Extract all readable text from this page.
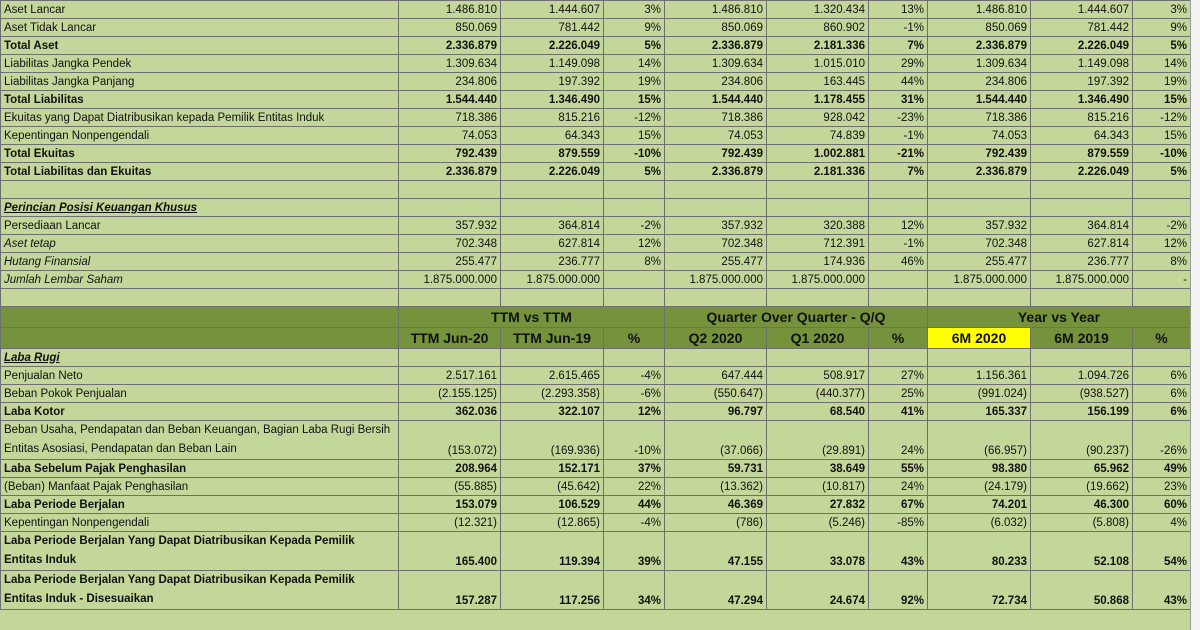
Aset Lancar	1.486.810	1.444.607	3%	1.486.810	1.320.434	13%	1.486.810	1.444.607	3%
Aset Tidak Lancar	850.069	781.442	9%	850.069	860.902	-1%	850.069	781.442	9%
Total Aset	2.336.879	2.226.049	5%	2.336.879	2.181.336	7%	2.336.879	2.226.049	5%
Liabilitas Jangka Pendek	1.309.634	1.149.098	14%	1.309.634	1.015.010	29%	1.309.634	1.149.098	14%
Liabilitas Jangka Panjang	234.806	197.392	19%	234.806	163.445	44%	234.806	197.392	19%
Total Liabilitas	1.544.440	1.346.490	15%	1.544.440	1.178.455	31%	1.544.440	1.346.490	15%
Ekuitas yang Dapat Diatribusikan kepada Pemilik Entitas Induk	718.386	815.216	-12%	718.386	928.042	-23%	718.386	815.216	-12%
Kepentingan Nonpengendali	74.053	64.343	15%	74.053	74.839	-1%	74.053	64.343	15%
Total Ekuitas	792.439	879.559	-10%	792.439	1.002.881	-21%	792.439	879.559	-10%
Total Liabilitas dan Ekuitas	2.336.879	2.226.049	5%	2.336.879	2.181.336	7%	2.336.879	2.226.049	5%

Perincian Posisi Keuangan Khusus									
Persediaan Lancar	357.932	364.814	-2%	357.932	320.388	12%	357.932	364.814	-2%
Aset tetap	702.348	627.814	12%	702.348	712.391	-1%	702.348	627.814	12%
Hutang Finansial	255.477	236.777	8%	255.477	174.936	46%	255.477	236.777	8%
Jumlah Lembar Saham	1.875.000.000	1.875.000.000		1.875.000.000	1.875.000.000		1.875.000.000	1.875.000.000	-

	TTM vs TTM			Quarter Over Quarter - Q/Q			Year vs Year		
	TTM Jun-20	TTM Jun-19	%	Q2 2020	Q1 2020	%	6M 2020	6M 2019	%
Laba Rugi									
Penjualan Neto	2.517.161	2.615.465	-4%	647.444	508.917	27%	1.156.361	1.094.726	6%
Beban Pokok Penjualan	(2.155.125)	(2.293.358)	-6%	(550.647)	(440.377)	25%	(991.024)	(938.527)	6%
Laba Kotor	362.036	322.107	12%	96.797	68.540	41%	165.337	156.199	6%
Beban Usaha, Pendapatan dan Beban Keuangan, Bagian Laba Rugi Bersih Entitas Asosiasi, Pendapatan dan Beban Lain	(153.072)	(169.936)	-10%	(37.066)	(29.891)	24%	(66.957)	(90.237)	-26%
Laba Sebelum Pajak Penghasilan	208.964	152.171	37%	59.731	38.649	55%	98.380	65.962	49%
(Beban) Manfaat Pajak Penghasilan	(55.885)	(45.642)	22%	(13.362)	(10.817)	24%	(24.179)	(19.662)	23%
Laba Periode Berjalan	153.079	106.529	44%	46.369	27.832	67%	74.201	46.300	60%
Kepentingan Nonpengendali	(12.321)	(12.865)	-4%	(786)	(5.246)	-85%	(6.032)	(5.808)	4%
Laba Periode Berjalan Yang Dapat Diatribusikan Kepada Pemilik Entitas Induk	165.400	119.394	39%	47.155	33.078	43%	80.233	52.108	54%
Laba Periode Berjalan Yang Dapat Diatribusikan Kepada Pemilik Entitas Induk - Disesuaikan	157.287	117.256	34%	47.294	24.674	92%	72.734	50.868	43%
